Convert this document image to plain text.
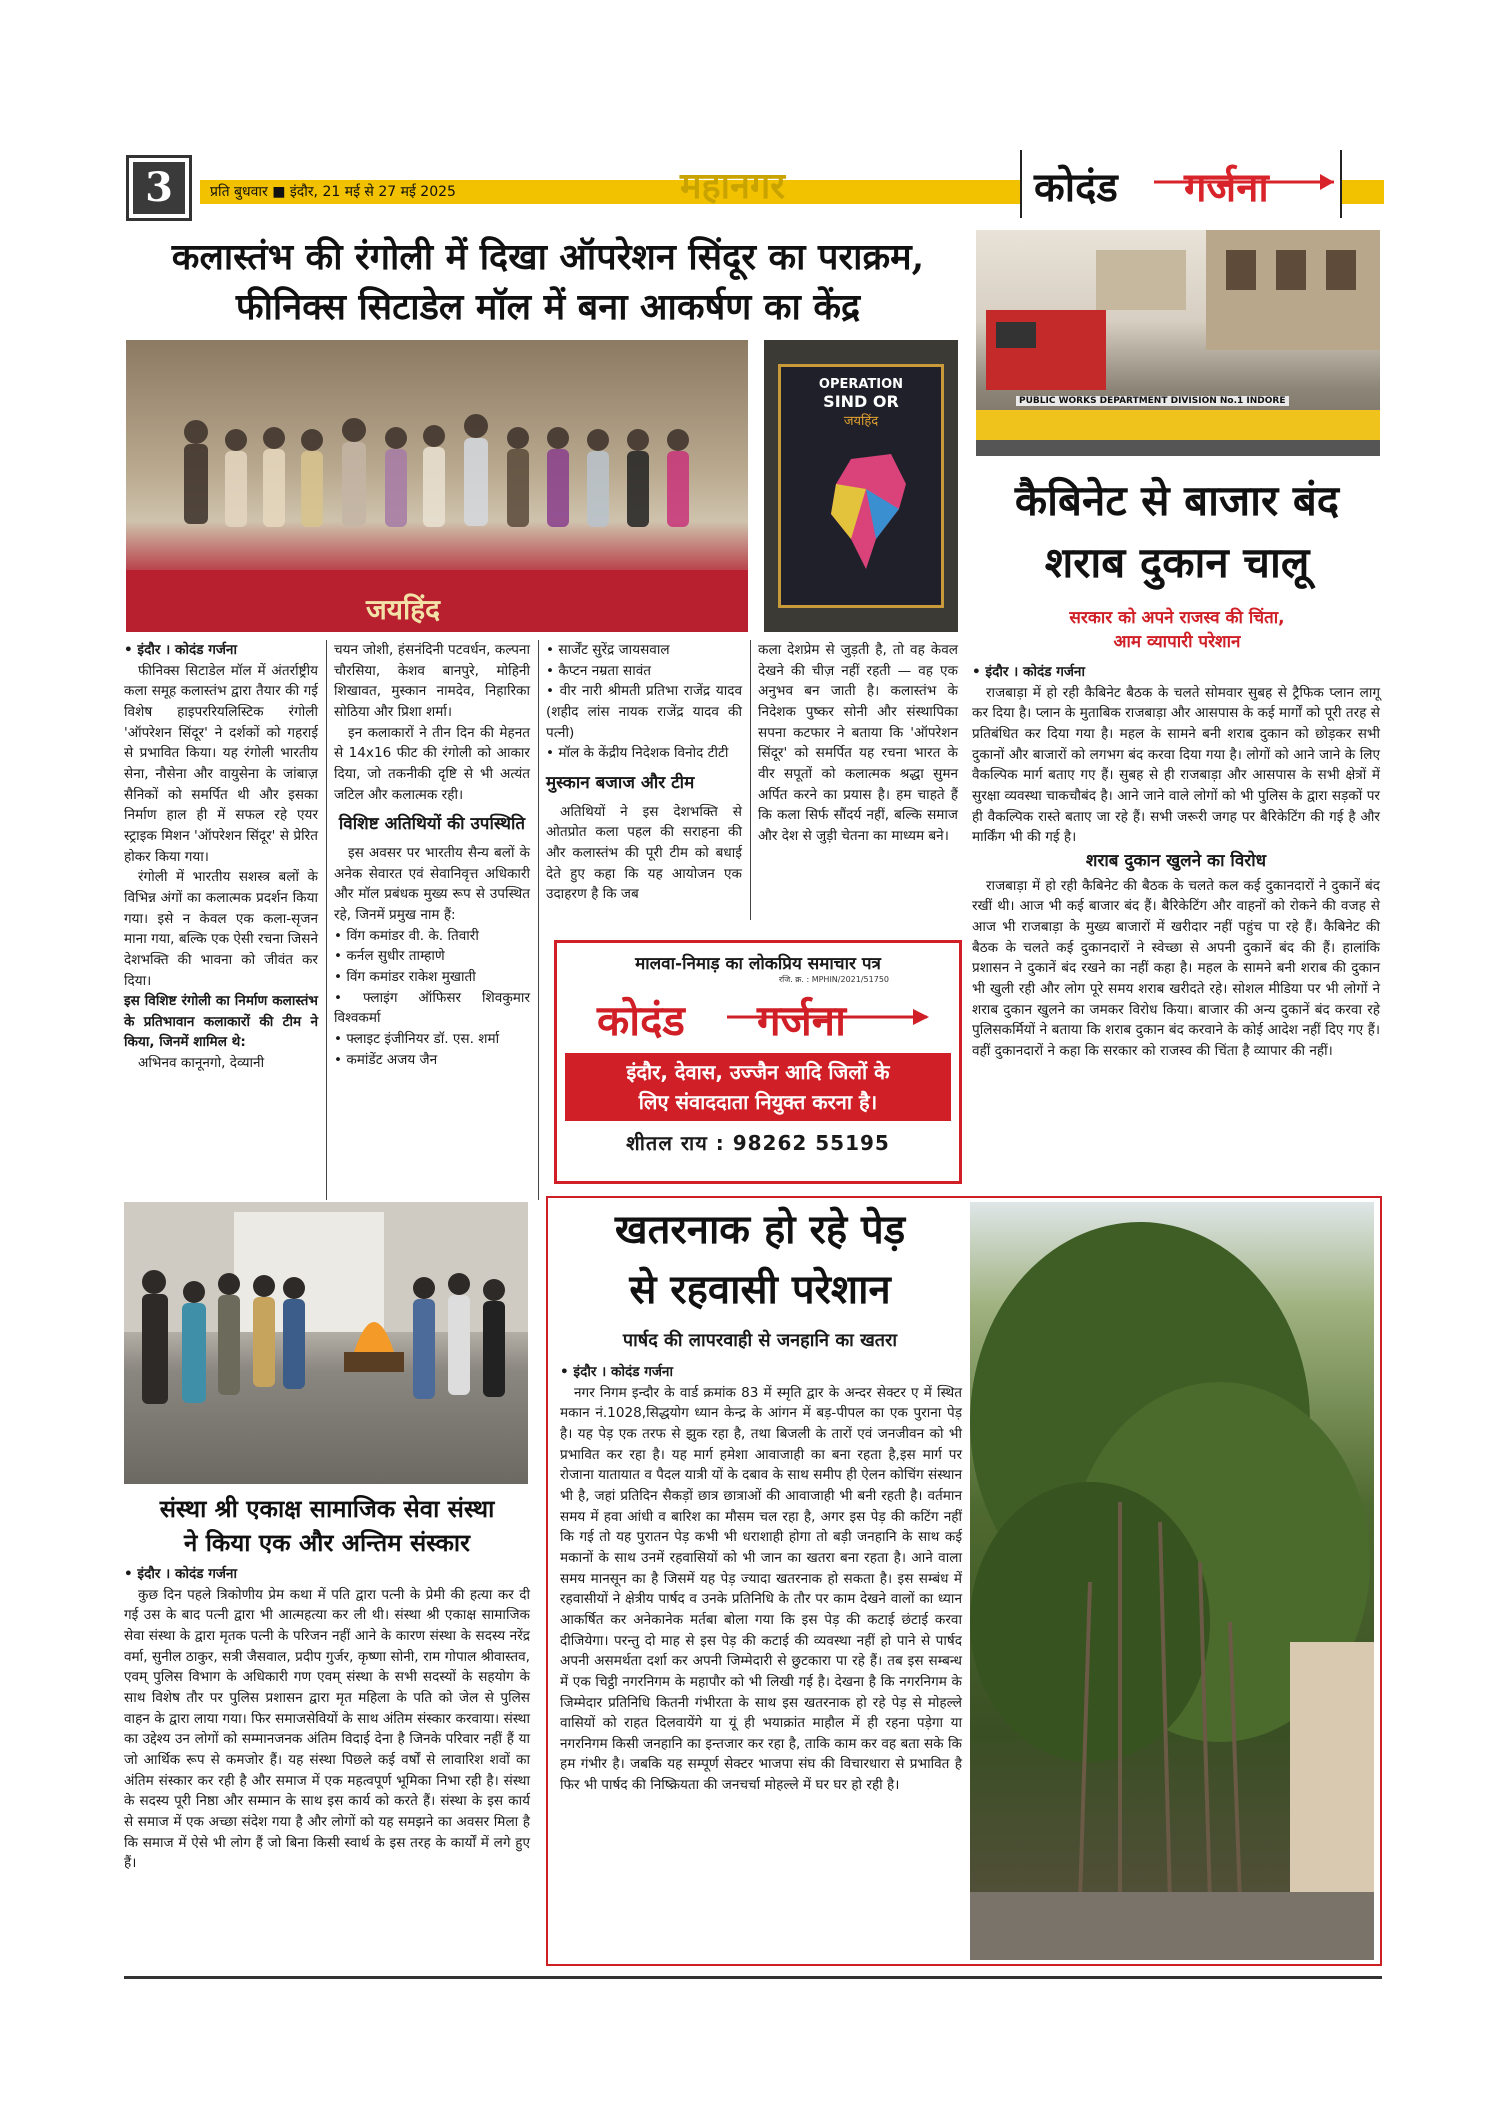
3	प्रति बुधवार ■ इंदौर, 21 मई से 27 मई 2025	महानगर	कोदंड गर्जना
कलास्तंभ की रंगोली में दिखा ऑपरेशन सिंदूर का पराक्रम,
फीनिक्स सिटाडेल मॉल में बना आकर्षण का केंद्र
जयहिंद
OPERATION
SIND OR
जयहिंद
• इंदौर । कोदंड गर्जना

फीनिक्स सिटाडेल मॉल में अंतर्राष्ट्रीय कला समूह कलास्तंभ द्वारा तैयार की गई विशेष हाइपररियलिस्टिक रंगोली 'ऑपरेशन सिंदूर' ने दर्शकों को गहराई से प्रभावित किया। यह रंगोली भारतीय सेना, नौसेना और वायुसेना के जांबाज़ सैनिकों को समर्पित थी और इसका निर्माण हाल ही में सफल रहे एयर स्ट्राइक मिशन 'ऑपरेशन सिंदूर' से प्रेरित होकर किया गया।

रंगोली में भारतीय सशस्त्र बलों के विभिन्न अंगों का कलात्मक प्रदर्शन किया गया। इसे न केवल एक कला-सृजन माना गया, बल्कि एक ऐसी रचना जिसने देशभक्ति की भावना को जीवंत कर दिया।

इस विशिष्ट रंगोली का निर्माण कलास्तंभ के प्रतिभावान कलाकारों की टीम ने किया, जिनमें शामिल थे:

अभिनव कानूनगो, देव्यानी

चयन जोशी, हंसनंदिनी पटवर्धन, कल्पना चौरसिया, केशव बानपुरे, मोहिनी शिखावत, मुस्कान नामदेव, निहारिका सोठिया और प्रिशा शर्मा।

इन कलाकारों ने तीन दिन की मेहनत से 14x16 फीट की रंगोली को आकार दिया, जो तकनीकी दृष्टि से भी अत्यंत जटिल और कलात्मक रही।

विशिष्ट अतिथियों की उपस्थिति

इस अवसर पर भारतीय सैन्य बलों के अनेक सेवारत एवं सेवानिवृत्त अधिकारी और मॉल प्रबंधक मुख्य रूप से उपस्थित रहे, जिनमें प्रमुख नाम हैं:

• विंग कमांडर वी. के. तिवारी
• कर्नल सुधीर ताम्हाणे
• विंग कमांडर राकेश मुखाती
• फ्लाइंग ऑफिसर शिवकुमार विश्वकर्मा
• फ्लाइट इंजीनियर डॉ. एस. शर्मा
• कमांडेंट अजय जैन
• सार्जेंट सुरेंद्र जायसवाल
• कैप्टन नम्रता सावंत
• वीर नारी श्रीमती प्रतिभा राजेंद्र यादव (शहीद लांस नायक राजेंद्र यादव की पत्नी)
• मॉल के केंद्रीय निदेशक विनोद टीटी
मुस्कान बजाज और टीम

अतिथियों ने इस देशभक्ति से ओतप्रोत कला पहल की सराहना की और कलास्तंभ की पूरी टीम को बधाई देते हुए कहा कि यह आयोजन एक उदाहरण है कि जब

कला देशप्रेम से जुड़ती है, तो वह केवल देखने की चीज़ नहीं रहती — वह एक अनुभव बन जाती है। कलास्तंभ के निदेशक पुष्कर सोनी और संस्थापिका सपना कटफार ने बताया कि 'ऑपरेशन सिंदूर' को समर्पित यह रचना भारत के वीर सपूतों को कलात्मक श्रद्धा सुमन अर्पित करने का प्रयास है। हम चाहते हैं कि कला सिर्फ सौंदर्य नहीं, बल्कि समाज और देश से जुड़ी चेतना का माध्यम बने।

मालवा-निमाड़ का लोकप्रिय समाचार पत्र
रजि. क्र. : MPHIN/2021/51750
कोदंड गर्जना
इंदौर, देवास, उज्जैन आदि जिलों के
लिए संवाददाता नियुक्त करना है।
शीतल राय : 98262 55195
PUBLIC WORKS DEPARTMENT DIVISION No.1 INDORE
कैबिनेट से बाजार बंद
शराब दुकान चालू
सरकार को अपने राजस्व की चिंता,
आम व्यापारी परेशान
• इंदौर । कोदंड गर्जना

राजबाड़ा में हो रही कैबिनेट बैठक के चलते सोमवार सुबह से ट्रैफिक प्लान लागू कर दिया है। प्लान के मुताबिक राजबाड़ा और आसपास के कई मार्गों को पूरी तरह से प्रतिबंधित कर दिया गया है। महल के सामने बनी शराब दुकान को छोड़कर सभी दुकानों और बाजारों को लगभग बंद करवा दिया गया है। लोगों को आने जाने के लिए वैकल्पिक मार्ग बताए गए हैं। सुबह से ही राजबाड़ा और आसपास के सभी क्षेत्रों में सुरक्षा व्यवस्था चाकचौबंद है। आने जाने वाले लोगों को भी पुलिस के द्वारा सड़कों पर ही वैकल्पिक रास्ते बताए जा रहे हैं। सभी जरूरी जगह पर बैरिकेटिंग की गई है और मार्किंग भी की गई है।

शराब दुकान खुलने का विरोध

राजबाड़ा में हो रही कैबिनेट की बैठक के चलते कल कई दुकानदारों ने दुकानें बंद रखीं थी। आज भी कई बाजार बंद हैं। बैरिकेटिंग और वाहनों को रोकने की वजह से आज भी राजबाड़ा के मुख्य बाजारों में खरीदार नहीं पहुंच पा रहे हैं। कैबिनेट की बैठक के चलते कई दुकानदारों ने स्वेच्छा से अपनी दुकानें बंद की हैं। हालांकि प्रशासन ने दुकानें बंद रखने का नहीं कहा है। महल के सामने बनी शराब की दुकान भी खुली रही और लोग पूरे समय शराब खरीदते रहे। सोशल मीडिया पर भी लोगों ने शराब दुकान खुलने का जमकर विरोध किया। बाजार की अन्य दुकानें बंद करवा रहे पुलिसकर्मियों ने बताया कि शराब दुकान बंद करवाने के कोई आदेश नहीं दिए गए हैं। वहीं दुकानदारों ने कहा कि सरकार को राजस्व की चिंता है व्यापार की नहीं।

संस्था श्री एकाक्ष सामाजिक सेवा संस्था
ने किया एक और अन्तिम संस्कार
• इंदौर । कोदंड गर्जना

कुछ दिन पहले त्रिकोणीय प्रेम कथा में पति द्वारा पत्नी के प्रेमी की हत्या कर दी गई उस के बाद पत्नी द्वारा भी आत्महत्या कर ली थी। संस्था श्री एकाक्ष सामाजिक सेवा संस्था के द्वारा मृतक पत्नी के परिजन नहीं आने के कारण संस्था के सदस्य नरेंद्र वर्मा, सुनील ठाकुर, सत्री जैसवाल, प्रदीप गुर्जर, कृष्णा सोनी, राम गोपाल श्रीवास्तव, एवम् पुलिस विभाग के अधिकारी गण एवम् संस्था के सभी सदस्यों के सहयोग के साथ विशेष तौर पर पुलिस प्रशासन द्वारा मृत महिला के पति को जेल से पुलिस वाहन के द्वारा लाया गया। फिर समाजसेवियों के साथ अंतिम संस्कार करवाया। संस्था का उद्देश्य उन लोगों को सम्मानजनक अंतिम विदाई देना है जिनके परिवार नहीं हैं या जो आर्थिक रूप से कमजोर हैं। यह संस्था पिछले कई वर्षों से लावारिश शवों का अंतिम संस्कार कर रही है और समाज में एक महत्वपूर्ण भूमिका निभा रही है। संस्था के सदस्य पूरी निष्ठा और सम्मान के साथ इस कार्य को करते हैं। संस्था के इस कार्य से समाज में एक अच्छा संदेश गया है और लोगों को यह समझने का अवसर मिला है कि समाज में ऐसे भी लोग हैं जो बिना किसी स्वार्थ के इस तरह के कार्यों में लगे हुए हैं।

खतरनाक हो रहे पेड़
से रहवासी परेशान
पार्षद की लापरवाही से जनहानि का खतरा
• इंदौर । कोदंड गर्जना

नगर निगम इन्दौर के वार्ड क्रमांक 83 में स्मृति द्वार के अन्दर सेक्टर ए में स्थित मकान नं.1028,सिद्धयोग ध्यान केन्द्र के आंगन में बड़-पीपल का एक पुराना पेड़ है। यह पेड़ एक तरफ से झुक रहा है, तथा बिजली के तारों एवं जनजीवन को भी प्रभावित कर रहा है। यह मार्ग हमेशा आवाजाही का बना रहता है,इस मार्ग पर रोजाना यातायात व पैदल यात्री यों के दबाव के साथ समीप ही ऐलन कोचिंग संस्थान भी है, जहां प्रतिदिन सैकड़ों छात्र छात्राओं की आवाजाही भी बनी रहती है। वर्तमान समय में हवा आंधी व बारिश का मौसम चल रहा है, अगर इस पेड़ की कटिंग नहीं कि गई तो यह पुरातन पेड़ कभी भी धराशाही होगा तो बड़ी जनहानि के साथ कई मकानों के साथ उनमें रहवासियों को भी जान का खतरा बना रहता है। आने वाला समय मानसून का है जिसमें यह पेड़ ज्यादा खतरनाक हो सकता है। इस सम्बंध में रहवासीयों ने क्षेत्रीय पार्षद व उनके प्रतिनिधि के तौर पर काम देखने वालों का ध्यान आकर्षित कर अनेकानेक मर्तबा बोला गया कि इस पेड़ की कटाई छंटाई करवा दीजियेगा। परन्तु दो माह से इस पेड़ की कटाई की व्यवस्था नहीं हो पाने से पार्षद अपनी असमर्थता दर्शा कर अपनी जिम्मेदारी से छुटकारा पा रहे हैं। तब इस सम्बन्ध में एक चिट्ठी नगरनिगम के महापौर को भी लिखी गई है। देखना है कि नगरनिगम के जिम्मेदार प्रतिनिधि कितनी गंभीरता के साथ इस खतरनाक हो रहे पेड़ से मोहल्ले वासियों को राहत दिलवायेंगे या यूं ही भयाक्रांत माहौल में ही रहना पड़ेगा या नगरनिगम किसी जनहानि का इन्तजार कर रहा है, ताकि काम कर वह बता सके कि हम गंभीर है। जबकि यह सम्पूर्ण सेक्टर भाजपा संघ की विचारधारा से प्रभावित है फिर भी पार्षद की निष्क्रियता की जनचर्चा मोहल्ले में घर घर हो रही है।
